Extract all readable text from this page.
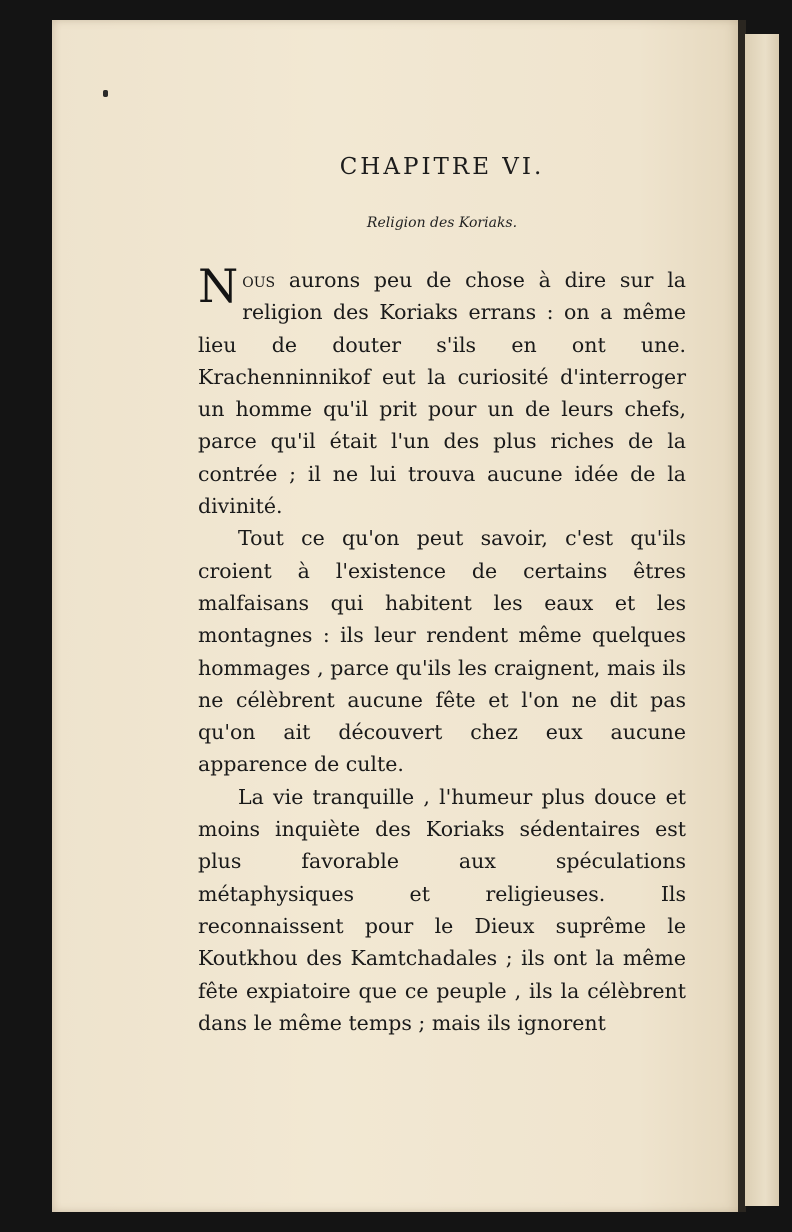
CHAPITRE VI.
Religion des Koriaks.

Nous aurons peu de chose à dire sur la religion des Koriaks errans : on a même lieu de douter s'ils en ont une. Krachenninnikof eut la curiosité d'interroger un homme qu'il prit pour un de leurs chefs, parce qu'il était l'un des plus riches de la contrée ; il ne lui trouva aucune idée de la divinité.

Tout ce qu'on peut savoir, c'est qu'ils croient à l'existence de certains êtres malfaisans qui habitent les eaux et les montagnes : ils leur rendent même quelques hommages , parce qu'ils les craignent, mais ils ne célèbrent aucune fête et l'on ne dit pas qu'on ait découvert chez eux aucune apparence de culte.

La vie tranquille , l'humeur plus douce et moins inquiète des Koriaks sédentaires est plus favorable aux spéculations métaphysiques et religieuses. Ils reconnaissent pour le Dieux suprême le Koutkhou des Kamtchadales ; ils ont la même fête expiatoire que ce peuple , ils la célèbrent dans le même temps ; mais ils ignorent
